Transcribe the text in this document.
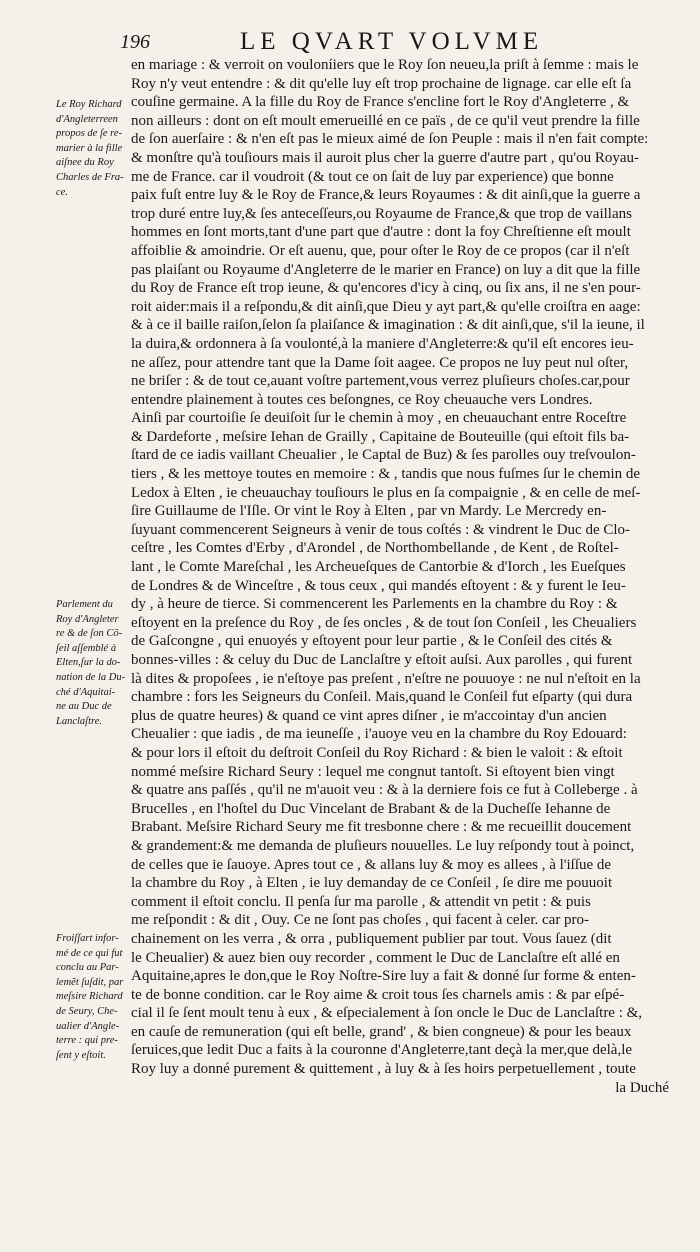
196	LE QVART VOLVME
Le Roy Richard
d'Angleterreen
propos de ſe re-
marier à la fille
aiſnee du Roy
Charles de Fra-
ce.
Parlement du
Roy d'Angleter
re & de ſon Cõ-
ſeil aſſemblé à
Elten,ſur la do-
nation de la Du-
ché d'Aquitai-
ne au Duc de
Lanclaſtre.
Froiſſart infor-
mé de ce qui fut
conclu au Par-
lemẽt ſuſdit, par
meſsire Richard
de Seury, Che-
ualier d'Angle-
terre : qui pre-
ſent y eſtoit.
en mariage : & verroit on vouloníiers que le Roy ſon neueu,la priſt à ſemme : mais le
Roy n'y veut entendre : & dit qu'elle luy eſt trop prochaine de lignage. car elle eſt ſa
couſine germaine. A la fille du Roy de France s'encline fort le Roy d'Angleterre , &
non ailleurs : dont on eſt moult emerueillé en ce païs , de ce qu'il veut prendre la fille
de ſon auerſaire : & n'en eſt pas le mieux aimé de ſon Peuple : mais il n'en fait compte:
& monſtre qu'à touſiours mais il auroit plus cher la guerre d'autre part , qu'ou Royau-
me de France. car il voudroit (& tout ce on ſait de luy par experience) que bonne
paix fuſt entre luy & le Roy de France,& leurs Royaumes : & dit ainſi,que la guerre a
trop duré entre luy,& ſes anteceſſeurs,ou Royaume de France,& que trop de vaillans
hommes en ſont morts,tant d'une part que d'autre : dont la foy Chreſtienne eſt moult
affoiblie & amoindrie. Or eſt auenu, que, pour oſter le Roy de ce propos (car il n'eſt
pas plaiſant ou Royaume d'Angleterre de le marier en France) on luy a dit que la fille
du Roy de France eſt trop ieune, & qu'encores d'icy à cinq, ou ſix ans, il ne s'en pour-
roit aider:mais il a reſpondu,& dit ainſi,que Dieu y ayt part,& qu'elle croiſtra en aage:
& à ce il baille raiſon,ſelon ſa plaiſance & imagination : & dit ainſi,que, s'il la ieune, il
la duira,& ordonnera à ſa voulonté,à la maniere d'Angleterre:& qu'il eſt encores ieu-
ne aſſez, pour attendre tant que la Dame ſoit aagee. Ce propos ne luy peut nul oſter,
ne briſer : & de tout ce,auant voſtre partement,vous verrez pluſieurs choſes.car,pour
entendre plainement à toutes ces beſongnes, ce Roy cheuauche vers Londres.
Ainſi par courtoiſie ſe deuiſoit ſur le chemin à moy , en cheuauchant entre Roceſtre
& Dardeforte , meſsire Iehan de Grailly , Capitaine de Bouteuille (qui eſtoit fils ba-
ſtard de ce iadis vaillant Cheualier , le Captal de Buz) & ſes parolles ouy treſvoulon-
tiers , & les mettoye toutes en memoire : & , tandis que nous fuſmes ſur le chemin de
Ledox à Elten , ie cheuauchay touſiours le plus en ſa compaignie , & en celle de meſ-
ſire Guillaume de l'Iſle. Or vint le Roy à Elten , par vn Mardy. Le Mercredy en-
ſuyuant commencerent Seigneurs à venir de tous coſtés : & vindrent le Duc de Clo-
ceſtre , les Comtes d'Erby , d'Arondel , de Northombellande , de Kent , de Roſtel-
lant , le Comte Mareſchal , les Archeueſques de Cantorbie & d'Iorch , les Eueſques
de Londres & de Winceſtre , & tous ceux , qui mandés eſtoyent : & y furent le Ieu-
dy , à heure de tierce. Si commencerent les Parlements en la chambre du Roy : &
eſtoyent en la preſence du Roy , de ſes oncles , & de tout ſon Conſeil , les Cheualiers
de Gaſcongne , qui enuoyés y eſtoyent pour leur partie , & le Conſeil des cités &
bonnes-villes : & celuy du Duc de Lanclaſtre y eſtoit auſsi. Aux parolles , qui furent
là dites & propoſees , ie n'eſtoye pas preſent , n'eſtre ne pouuoye : ne nul n'eſtoit en la
chambre : fors les Seigneurs du Conſeil. Mais,quand le Conſeil fut eſparty (qui dura
plus de quatre heures) & quand ce vint apres diſner , ie m'accointay d'un ancien
Cheualier : que iadis , de ma ieuneſſe , i'auoye veu en la chambre du Roy Edouard:
& pour lors il eſtoit du deſtroit Conſeil du Roy Richard : & bien le valoit : & eſtoit
nommé meſsire Richard Seury : lequel me congnut tantoſt. Si eſtoyent bien vingt
& quatre ans paſſés , qu'il ne m'auoit veu : & à la derniere fois ce fut à Colleberge . à
Brucelles , en l'hoſtel du Duc Vincelant de Brabant & de la Ducheſſe Iehanne de
Brabant. Meſsire Richard Seury me fit tresbonne chere : & me recueillit doucement
& grandement:& me demanda de pluſieurs nouuelles. Le luy reſpondy tout à poinct,
de celles que ie ſauoye. Apres tout ce , & allans luy & moy es allees , à l'iſſue de
la chambre du Roy , à Elten , ie luy demanday de ce Conſeil , ſe dire me pouuoit
comment il eſtoit conclu. Il penſa ſur ma parolle , & attendit vn petit : & puis
me reſpondit : & dit , Ouy. Ce ne ſont pas choſes , qui facent à celer. car pro-
chainement on les verra , & orra , publiquement publier par tout. Vous ſauez (dit
le Cheualier) & auez bien ouy recorder , comment le Duc de Lanclaſtre eſt allé en
Aquitaine,apres le don,que le Roy Noſtre-Sire luy a fait & donné ſur forme & enten-
te de bonne condition. car le Roy aime & croit tous ſes charnels amis : & par eſpé-
cial il ſe ſent moult tenu à eux , & eſpecialement à ſon oncle le Duc de Lanclaſtre : &,
en cauſe de remuneration (qui eſt belle, grand' , & bien congneue) & pour les beaux
ſeruices,que ledit Duc a faits à la couronne d'Angleterre,tant deçà la mer,que delà,le
Roy luy a donné purement & quittement , à luy & à ſes hoirs perpetuellement , toute
la Duché
